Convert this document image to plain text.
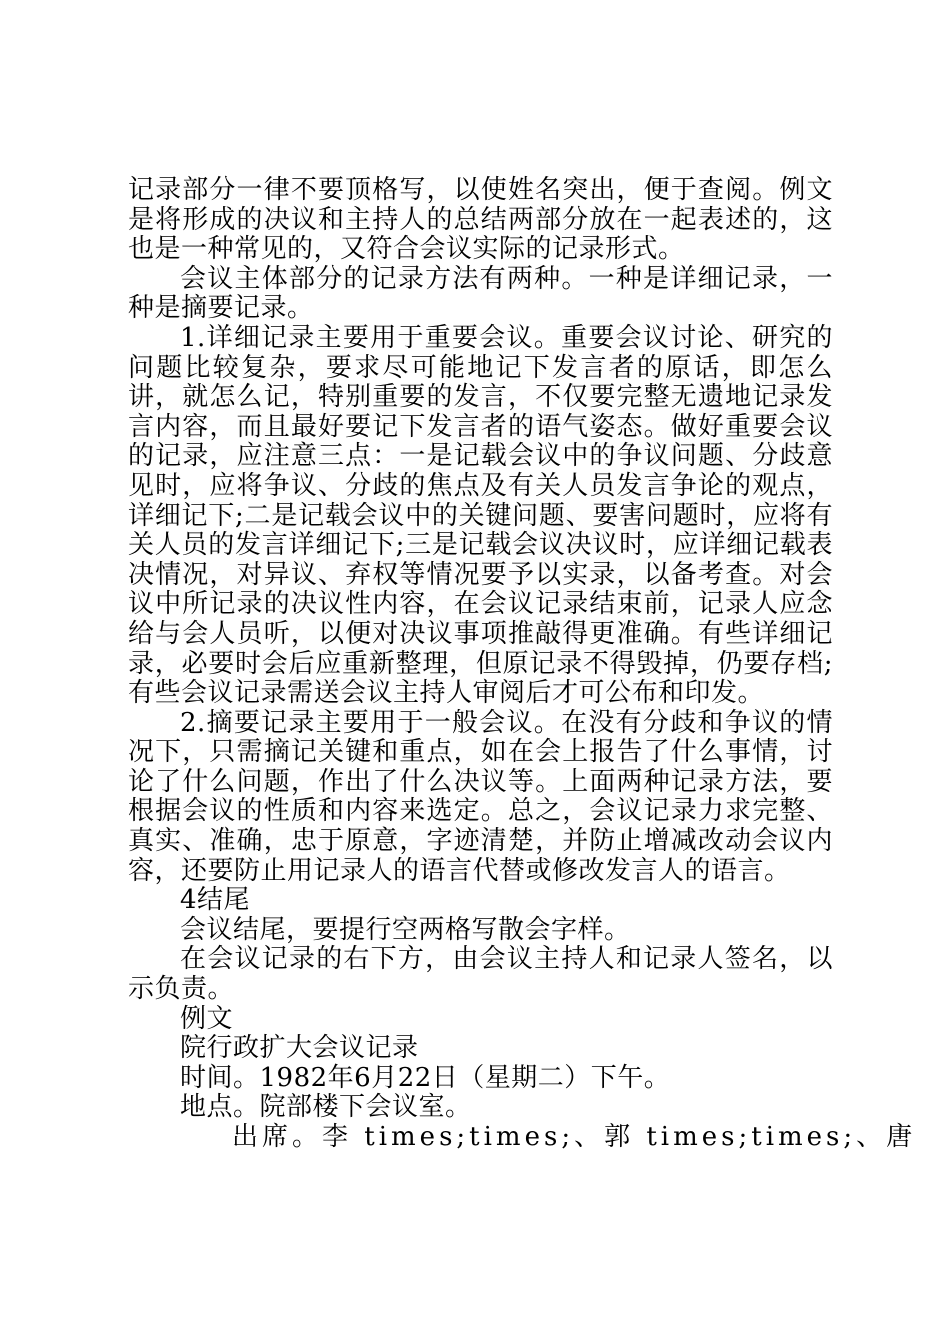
记录部分一律不要顶格写，以使姓名突出，便于查阅。例文是将形成的决议和主持人的总结两部分放在一起表述的，这也是一种常见的，又符合会议实际的记录形式。

会议主体部分的记录方法有两种。一种是详细记录，一种是摘要记录。

1.详细记录主要用于重要会议。重要会议讨论、研究的问题比较复杂，要求尽可能地记下发言者的原话，即怎么讲，就怎么记，特别重要的发言，不仅要完整无遗地记录发言内容，而且最好要记下发言者的语气姿态。做好重要会议的记录，应注意三点：一是记载会议中的争议问题、分歧意见时，应将争议、分歧的焦点及有关人员发言争论的观点，详细记下;二是记载会议中的关键问题、要害问题时，应将有关人员的发言详细记下;三是记载会议决议时，应详细记载表决情况，对异议、弃权等情况要予以实录，以备考查。对会议中所记录的决议性内容，在会议记录结束前，记录人应念给与会人员听，以便对决议事项推敲得更准确。有些详细记录，必要时会后应重新整理，但原记录不得毁掉，仍要存档;有些会议记录需送会议主持人审阅后才可公布和印发。

2.摘要记录主要用于一般会议。在没有分歧和争议的情况下，只需摘记关键和重点，如在会上报告了什么事情，讨论了什么问题，作出了什么决议等。上面两种记录方法，要根据会议的性质和内容来选定。总之，会议记录力求完整、真实、准确，忠于原意，字迹清楚，并防止增减改动会议内容，还要防止用记录人的语言代替或修改发言人的语言。

4结尾

会议结尾，要提行空两格写散会字样。

在会议记录的右下方，由会议主持人和记录人签名，以示负责。

例文

院行政扩大会议记录

时间。1982年6月22日（星期二）下午。

地点。院部楼下会议室。

出席。李 times;times;、郭 times;times;、唐
